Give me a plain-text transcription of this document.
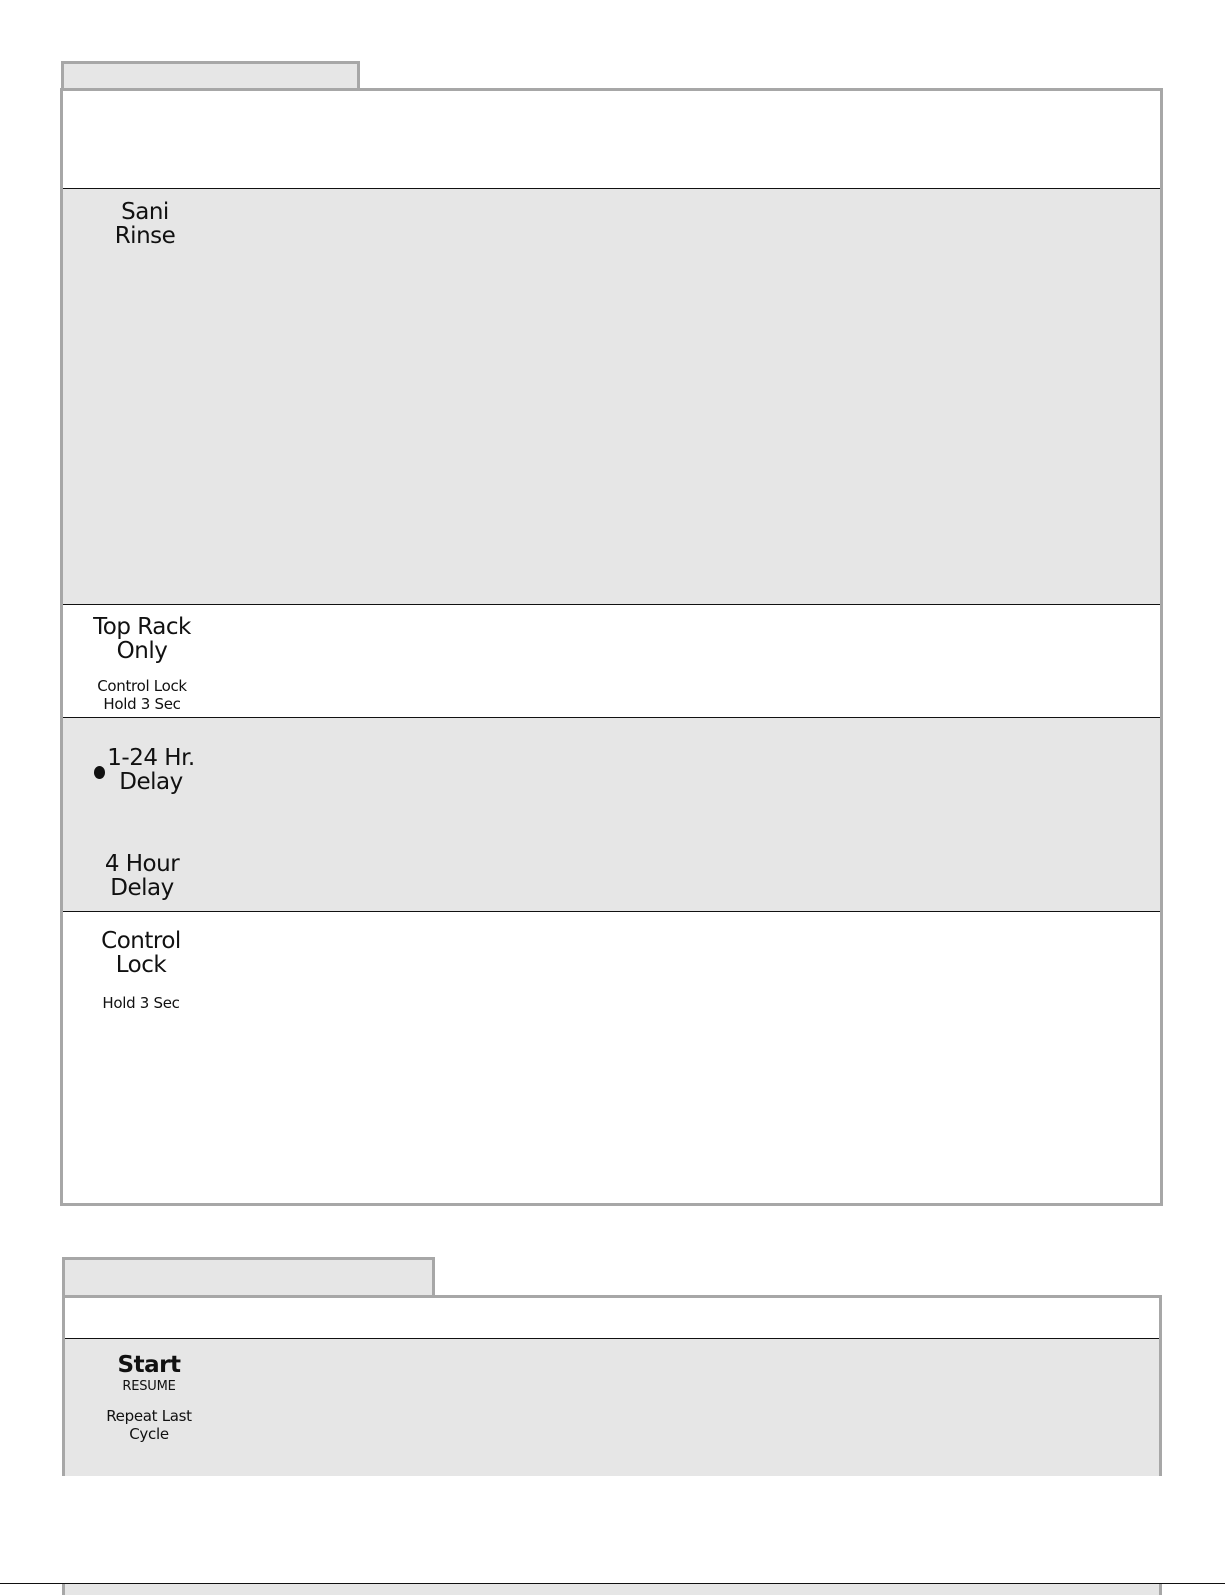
Sani
Rinse
Top Rack
Only
Control Lock
Hold 3 Sec
1-24 Hr.
Delay
4 Hour
Delay
Control
Lock
Hold 3 Sec
Start
RESUME
Repeat Last
Cycle
